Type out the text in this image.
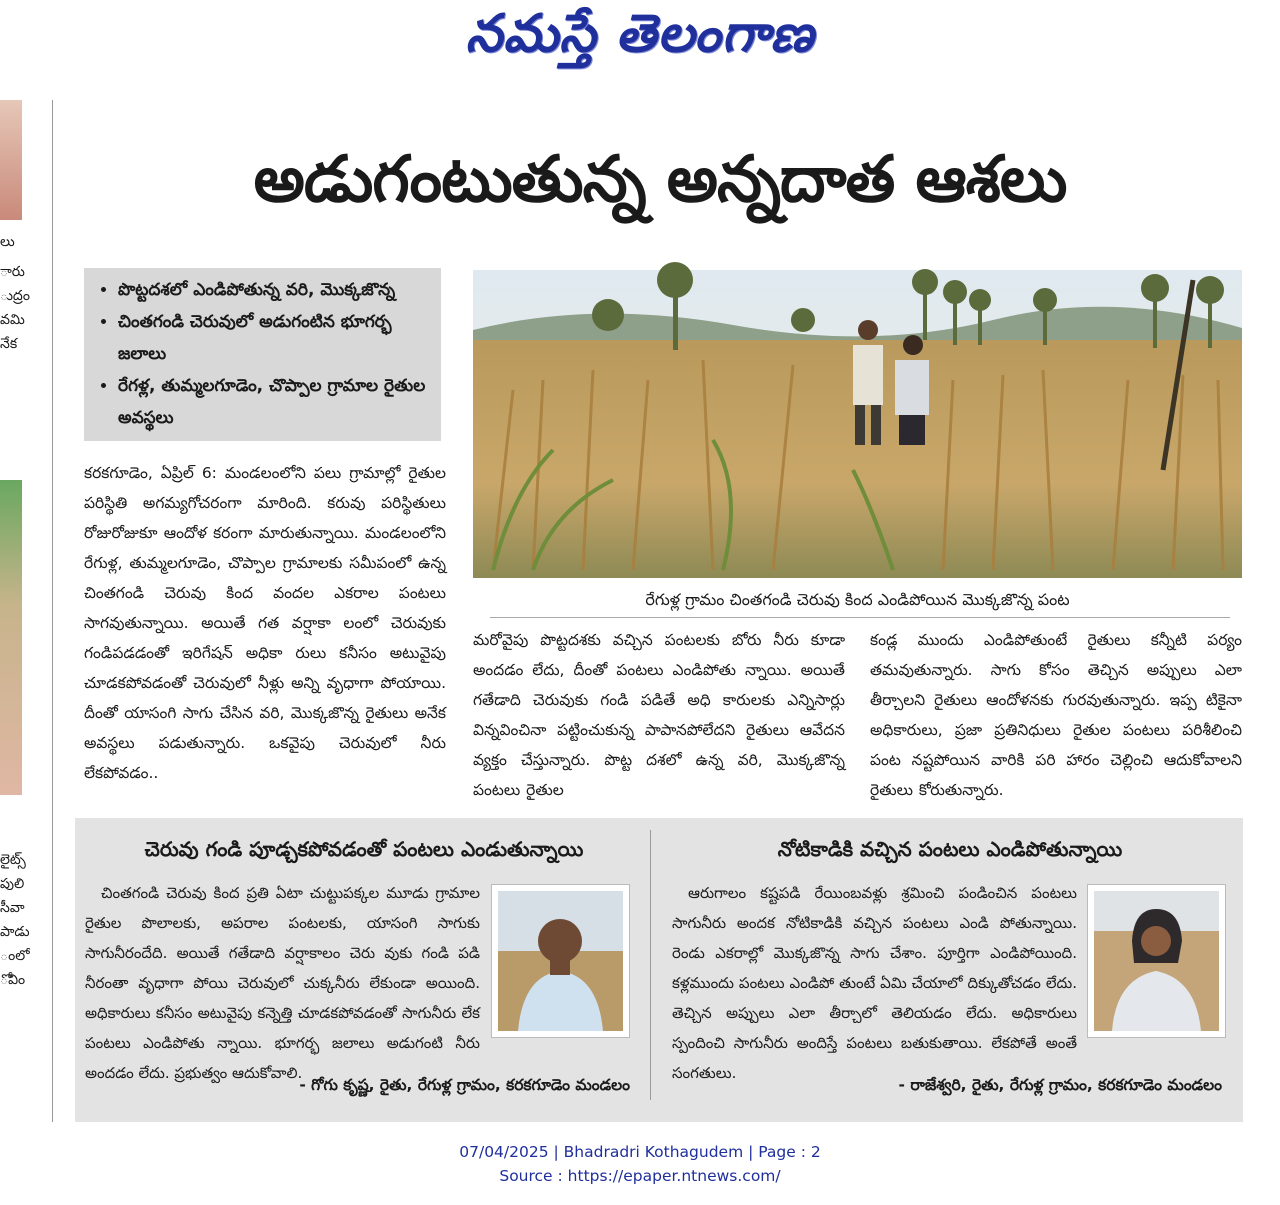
నమస్తే తెలంగాణ
లు
ారు
ుద్రం
వమి
నేక
లైట్స్
పులి
సీవా
పాడు
ంలో
ోవిం
అడుగంటుతున్న అన్నదాత ఆశలు
• పొట్టదశలో ఎండిపోతున్న వరి, మొక్కజొన్న
• చింతగండి చెరువులో అడుగంటిన భూగర్భ జలాలు
• రేగళ్ల, తుమ్మలగూడెం, చొప్పాల గ్రామాల రైతుల అవస్థలు
రేగుళ్ల గ్రామం చింతగండి చెరువు కింద ఎండిపోయిన మొక్కజొన్న పంట
కరకగూడెం, ఏప్రిల్ 6: మండలంలోని పలు గ్రామాల్లో రైతుల పరిస్థితి అగమ్యగోచరంగా మారింది. కరువు పరిస్థితులు రోజురోజుకూ ఆందోళ కరంగా మారుతున్నాయి. మండలంలోని రేగుళ్ల, తుమ్మలగూడెం, చొప్పాల గ్రామాలకు సమీపంలో ఉన్న చింతగండి చెరువు కింద వందల ఎకరాల పంటలు సాగవుతున్నాయి. అయితే గత వర్షాకా లంలో చెరువుకు గండిపడడంతో ఇరిగేషన్ అధికా రులు కనీసం అటువైపు చూడకపోవడంతో చెరువులో నీళ్లు అన్ని వృధాగా పోయాయి. దీంతో యాసంగి సాగు చేసిన వరి, మొక్కజొన్న రైతులు అనేక అవస్థలు పడుతున్నారు. ఒకవైపు చెరువులో నీరు లేకపోవడం..
మరోవైపు పొట్టదశకు వచ్చిన పంటలకు బోరు నీరు కూడా అందడం లేదు, దీంతో పంటలు ఎండిపోతు న్నాయి. అయితే గతేడాది చెరువుకు గండి పడితే అధి కారులకు ఎన్నిసార్లు విన్నవించినా పట్టించుకున్న పాపానపోలేదని రైతులు ఆవేదన వ్యక్తం చేస్తున్నారు. పొట్ట దశలో ఉన్న వరి, మొక్కజొన్న పంటలు రైతుల
కండ్ల ముందు ఎండిపోతుంటే రైతులు కన్నీటి పర్యం తమవుతున్నారు. సాగు కోసం తెచ్చిన అప్పులు ఎలా తీర్చాలని రైతులు ఆందోళనకు గురవుతున్నారు. ఇప్ప టికైనా అధికారులు, ప్రజా ప్రతినిధులు రైతుల పంటలు పరిశీలించి పంట నష్టపోయిన వారికి పరి హారం చెల్లించి ఆదుకోవాలని రైతులు కోరుతున్నారు.
చెరువు గండి పూడ్చకపోవడంతో పంటలు ఎండుతున్నాయి
చింతగండి చెరువు కింద ప్రతి ఏటా చుట్టుపక్కల మూడు గ్రామాల రైతుల పొలాలకు, అపరాల పంటలకు, యాసంగి సాగుకు సాగునీరందేది. అయితే గతేడాది వర్షాకాలం చెరు వుకు గండి పడి నీరంతా వృధాగా పోయి చెరువులో చుక్కనీరు లేకుండా అయింది. అధికారులు కనీసం అటువైపు కన్నెత్తి చూడకపోవడంతో సాగునీరు లేక పంటలు ఎండిపోతు న్నాయి. భూగర్భ జలాలు అడుగంటి నీరు అందడం లేదు. ప్రభుత్వం ఆదుకోవాలి.
- గోగు కృష్ణ, రైతు, రేగుళ్ల గ్రామం, కరకగూడెం మండలం
నోటికాడికి వచ్చిన పంటలు ఎండిపోతున్నాయి
ఆరుగాలం కష్టపడి రేయింబవళ్లు శ్రమించి పండించిన పంటలు సాగునీరు అందక నోటికాడికి వచ్చిన పంటలు ఎండి పోతున్నాయి. రెండు ఎకరాల్లో మొక్కజొన్న సాగు చేశాం. పూర్తిగా ఎండిపోయింది. కళ్లముందు పంటలు ఎండిపో తుంటే ఏమి చేయాలో దిక్కుతోచడం లేదు. తెచ్చిన అప్పులు ఎలా తీర్చాలో తెలియడం లేదు. అధికారులు స్పందించి సాగునీరు అందిస్తే పంటలు బతుకుతాయి. లేకపోతే అంతే సంగతులు.
- రాజేశ్వరి, రైతు, రేగుళ్ల గ్రామం, కరకగూడెం మండలం
07/04/2025 | Bhadradri Kothagudem | Page : 2
Source : https://epaper.ntnews.com/
